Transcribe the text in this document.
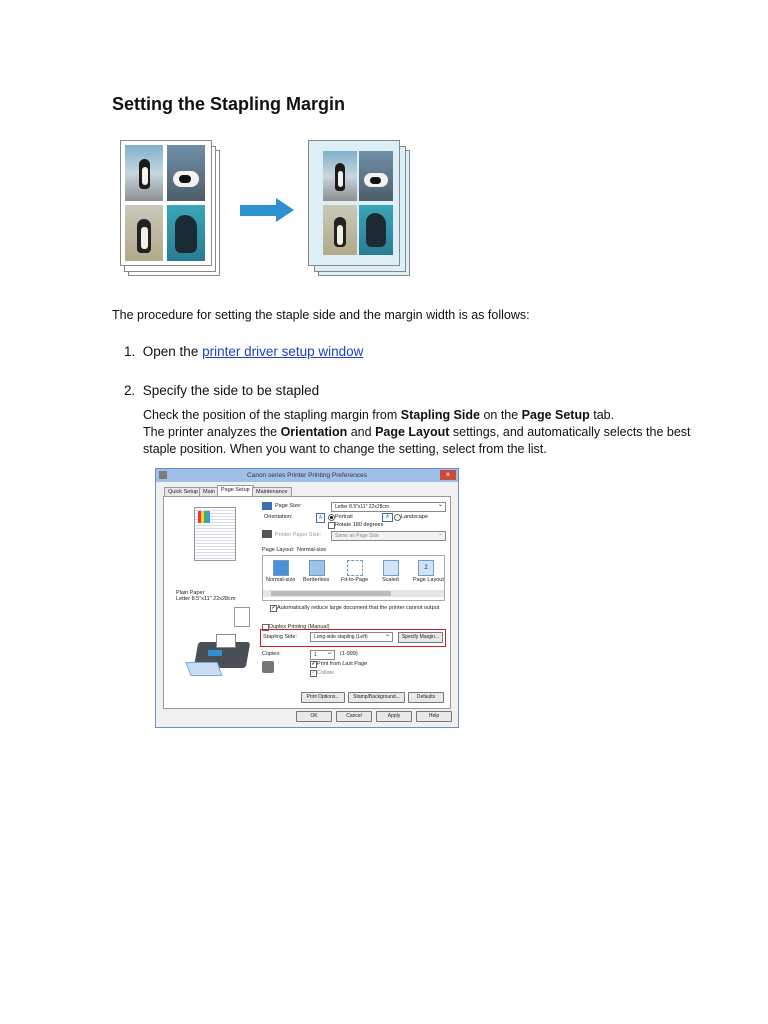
Setting the Stapling Margin
The procedure for setting the staple side and the margin width is as follows:
1. Open the printer driver setup window
2. Specify the side to be stapled
Check the position of the stapling margin from Stapling Side on the Page Setup tab.
The printer analyzes the Orientation and Page Layout settings, and automatically selects the best
staple position. When you want to change the setting, select from the list.
Canon series Printer Printing Preferences	×
Quick Setup Main	Page Setup	Maintenance
Plain Paper
Letter 8.5"x11" 22x28cm
Page Size:	Letter 8.5"x11" 22x28cm ⌄
Orientation:	A	Portrait	A	Landscape
Rotate 180 degrees
Printer Paper Size:	Same as Page Size ⌄
Page Layout: Normal-size
2
Normal-size Borderless Fit-to-Page	Scaled	Page Layout
✓ Automatically reduce large document that the printer cannot output
Duplex Printing (Manual)
Stapling Side:	Long-side stapling (Left) ⌄	Specify Margin...
Copies:	1 ⌄	(1-999)
✓ Print from Last Page
✓ Collate
Print Options...	Stamp/Background...	Defaults
OK	Cancel	Apply	Help
